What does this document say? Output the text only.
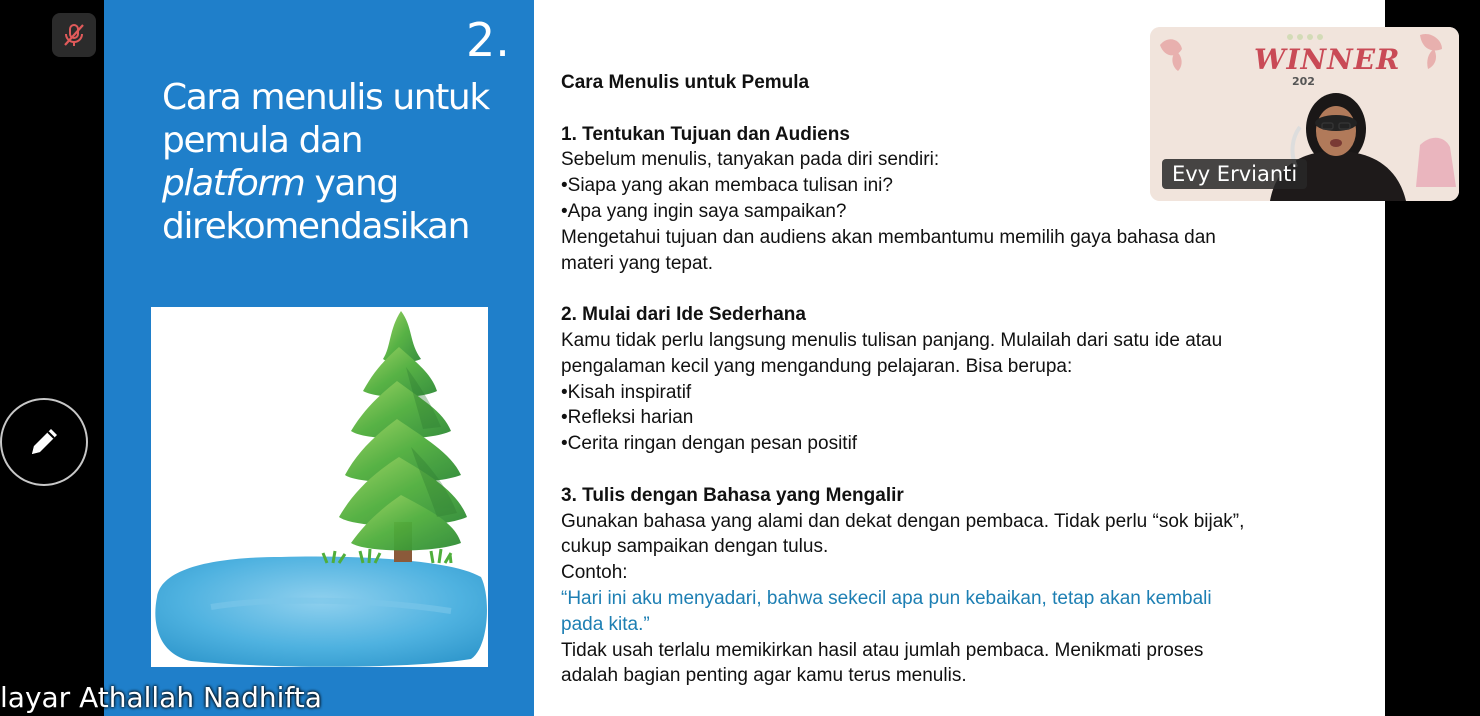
2.
Cara menulis untuk
pemula dan
platform yang
direkomendasikan
Cara Menulis untuk Pemula
1. Tentukan Tujuan dan Audiens
Sebelum menulis, tanyakan pada diri sendiri:
•Siapa yang akan membaca tulisan ini?
•Apa yang ingin saya sampaikan?
Mengetahui tujuan dan audiens akan membantumu memilih gaya bahasa dan
materi yang tepat.
2. Mulai dari Ide Sederhana
Kamu tidak perlu langsung menulis tulisan panjang. Mulailah dari satu ide atau
pengalaman kecil yang mengandung pelajaran. Bisa berupa:
•Kisah inspiratif
•Refleksi harian
•Cerita ringan dengan pesan positif
3. Tulis dengan Bahasa yang Mengalir
Gunakan bahasa yang alami dan dekat dengan pembaca. Tidak perlu “sok bijak”,
cukup sampaikan dengan tulus.
Contoh:
“Hari ini aku menyadari, bahwa sekecil apa pun kebaikan, tetap akan kembali
pada kita.”
Tidak usah terlalu memikirkan hasil atau jumlah pembaca. Menikmati proses
adalah bagian penting agar kamu terus menulis.
WINNER
202
Evy Ervianti
layar Athallah Nadhifta
